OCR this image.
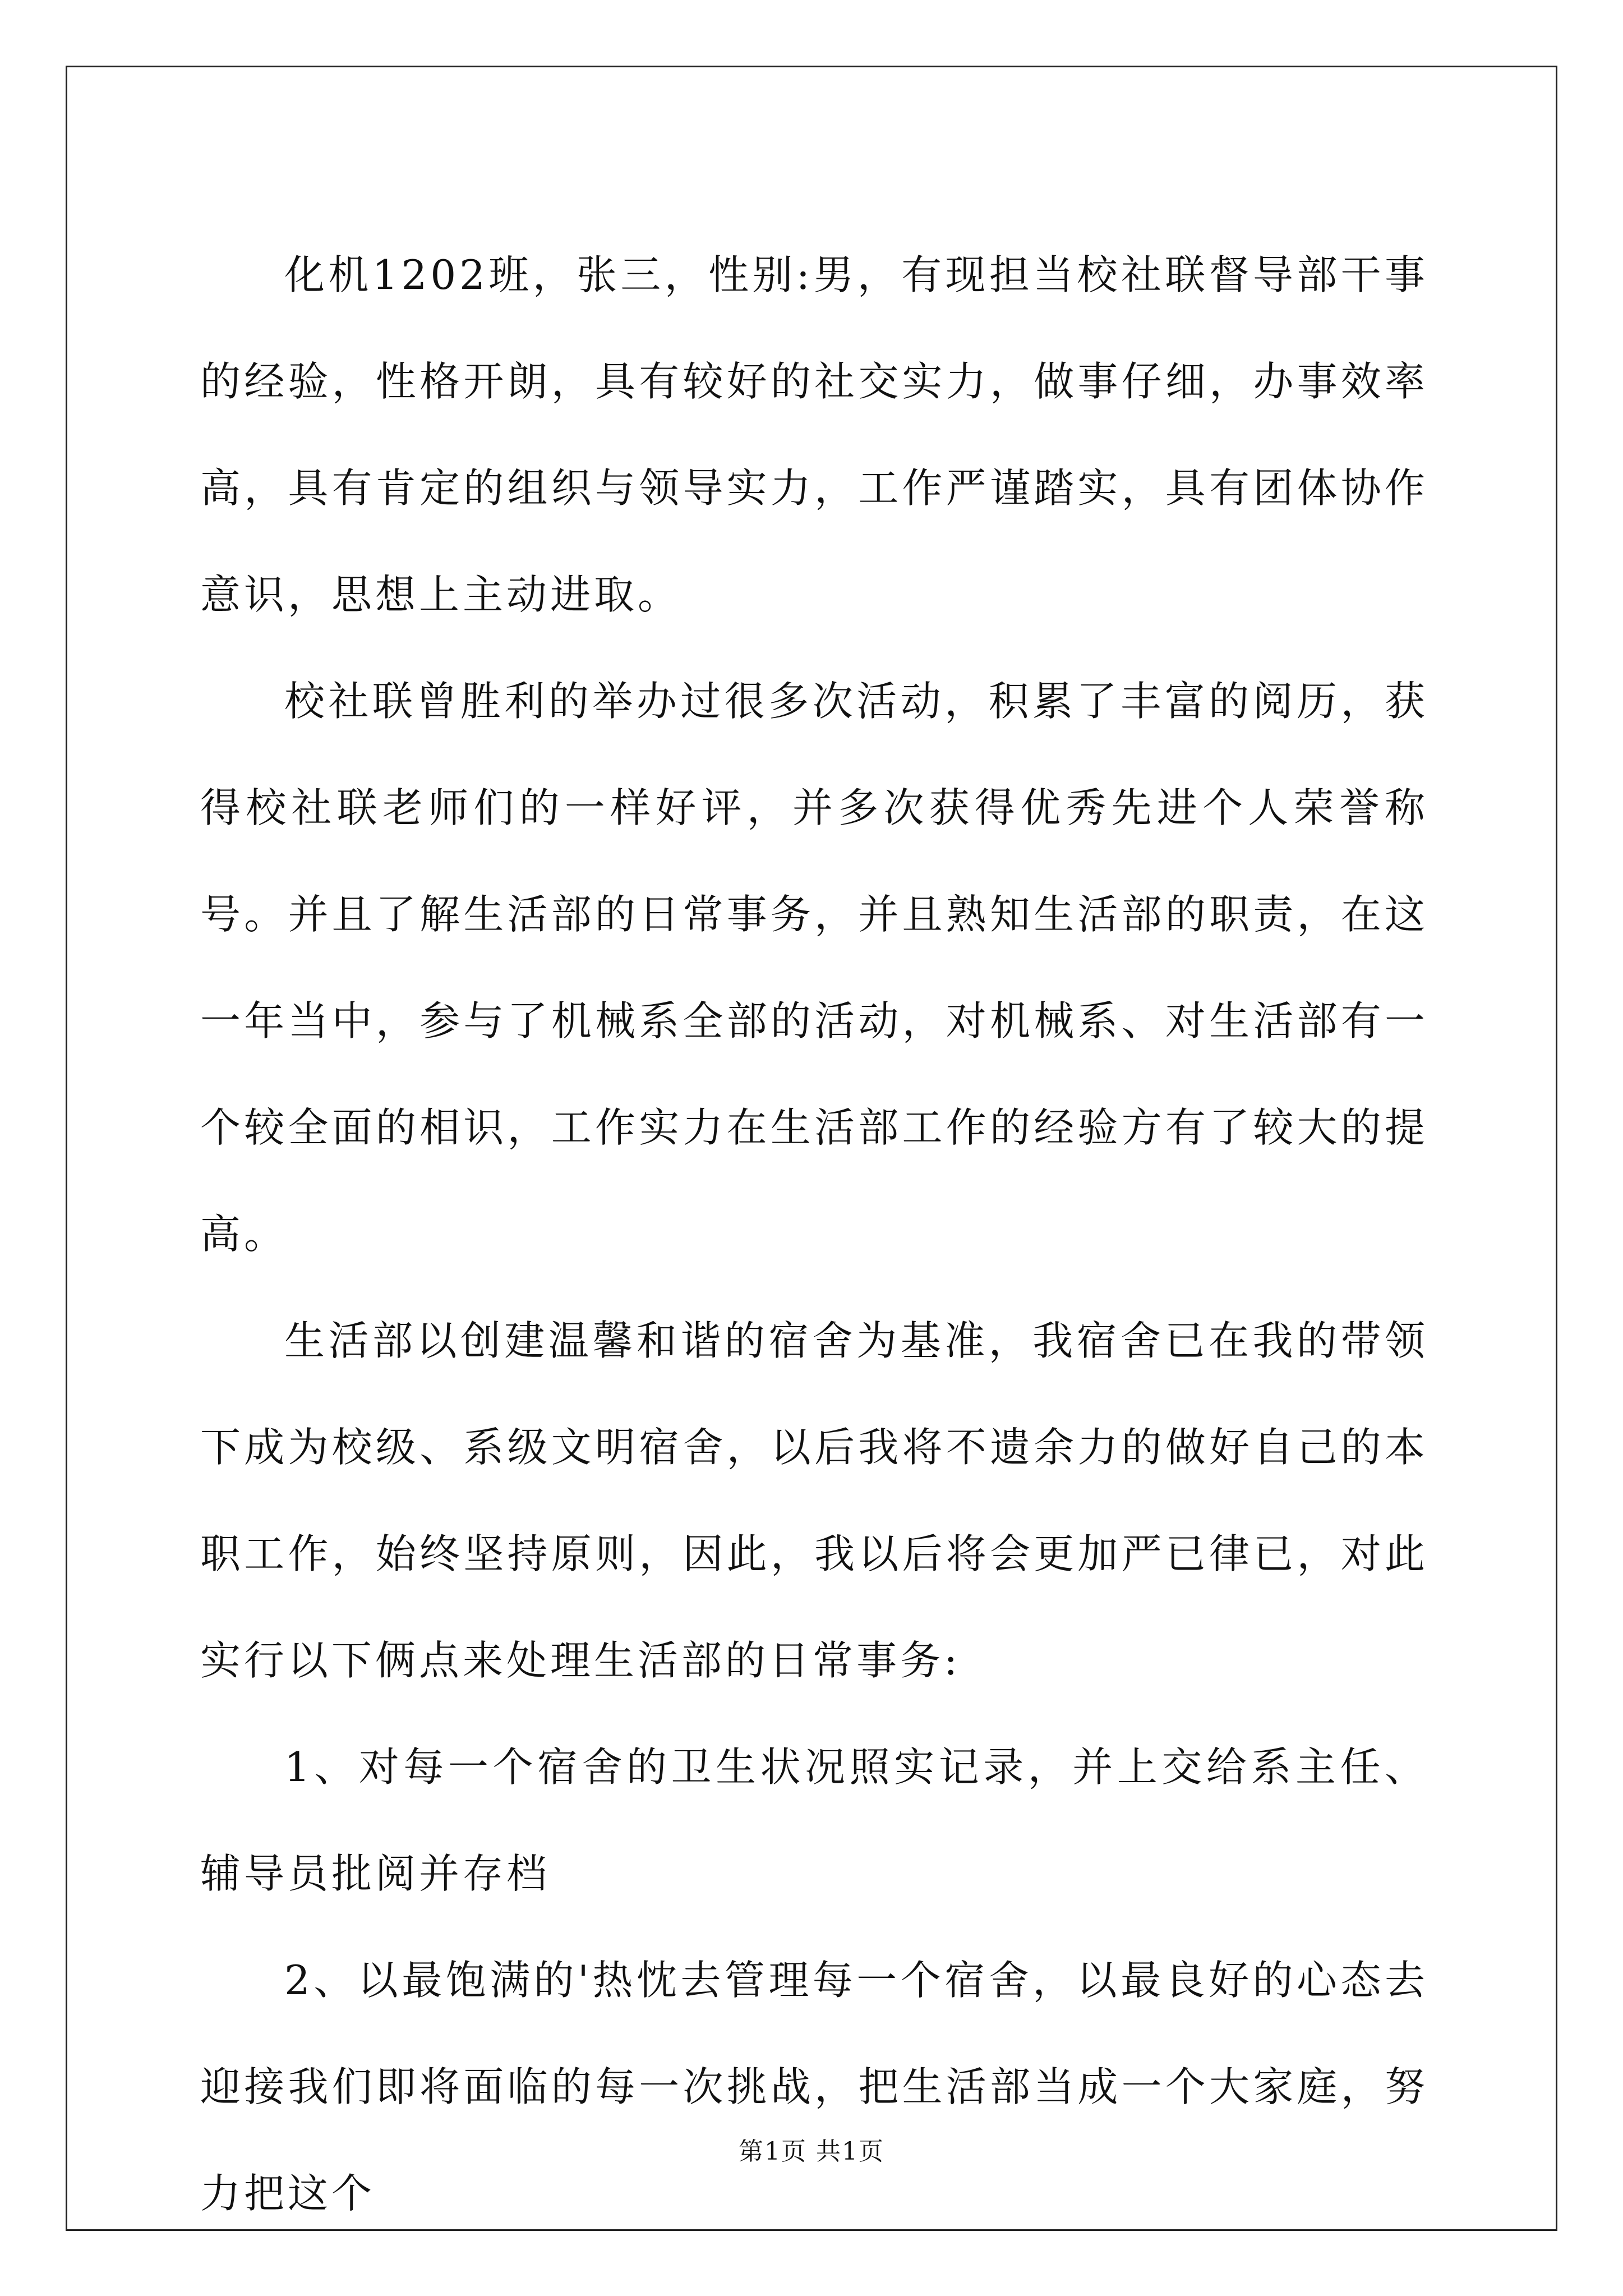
化机1202班，张三，性别:男，有现担当校社联督导部干事的经验，性格开朗，具有较好的社交实力，做事仔细，办事效率高，具有肯定的组织与领导实力，工作严谨踏实，具有团体协作意识，思想上主动进取。

校社联曾胜利的举办过很多次活动，积累了丰富的阅历，获得校社联老师们的一样好评，并多次获得优秀先进个人荣誉称号。并且了解生活部的日常事务，并且熟知生活部的职责，在这一年当中，参与了机械系全部的活动，对机械系、对生活部有一个较全面的相识，工作实力在生活部工作的经验方有了较大的提高。

生活部以创建温馨和谐的宿舍为基准，我宿舍已在我的带领下成为校级、系级文明宿舍，以后我将不遗余力的做好自己的本职工作，始终坚持原则，因此，我以后将会更加严已律已，对此实行以下俩点来处理生活部的日常事务:

1、对每一个宿舍的卫生状况照实记录，并上交给系主任、辅导员批阅并存档

2、以最饱满的'热忱去管理每一个宿舍，以最良好的心态去迎接我们即将面临的每一次挑战，把生活部当成一个大家庭，努力把这个

第1页 共1页
